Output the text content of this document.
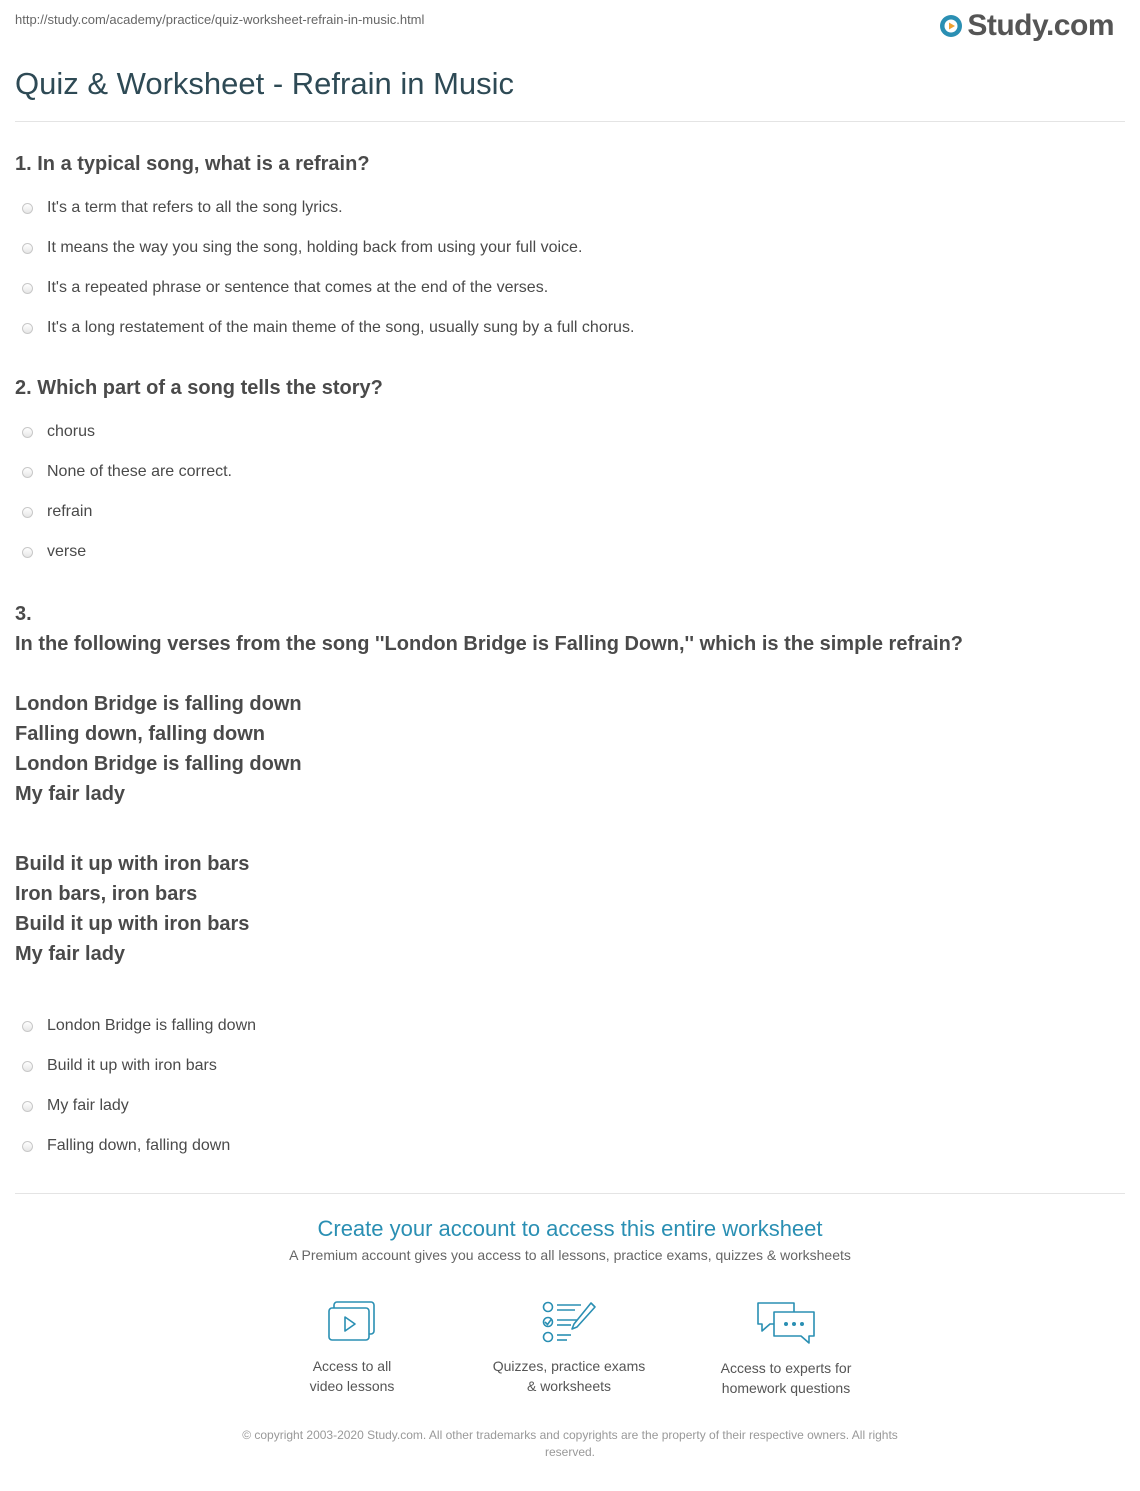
http://study.com/academy/practice/quiz-worksheet-refrain-in-music.html	Study.com
Quiz & Worksheet - Refrain in Music
1. In a typical song, what is a refrain?
It's a term that refers to all the song lyrics.
It means the way you sing the song, holding back from using your full voice.
It's a repeated phrase or sentence that comes at the end of the verses.
It's a long restatement of the main theme of the song, usually sung by a full chorus.
2. Which part of a song tells the story?
chorus
None of these are correct.
refrain
verse
3.
In the following verses from the song ''London Bridge is Falling Down,'' which is the simple refrain?

London Bridge is falling down
Falling down, falling down
London Bridge is falling down
My fair lady
Build it up with iron bars
Iron bars, iron bars
Build it up with iron bars
My fair lady
London Bridge is falling down
Build it up with iron bars
My fair lady
Falling down, falling down
Create your account to access this entire worksheet
A Premium account gives you access to all lessons, practice exams, quizzes & worksheets
Access to all
video lessons
Quizzes, practice exams
& worksheets
Access to experts for
homework questions
© copyright 2003-2020 Study.com. All other trademarks and copyrights are the property of their respective owners. All rights
reserved.
